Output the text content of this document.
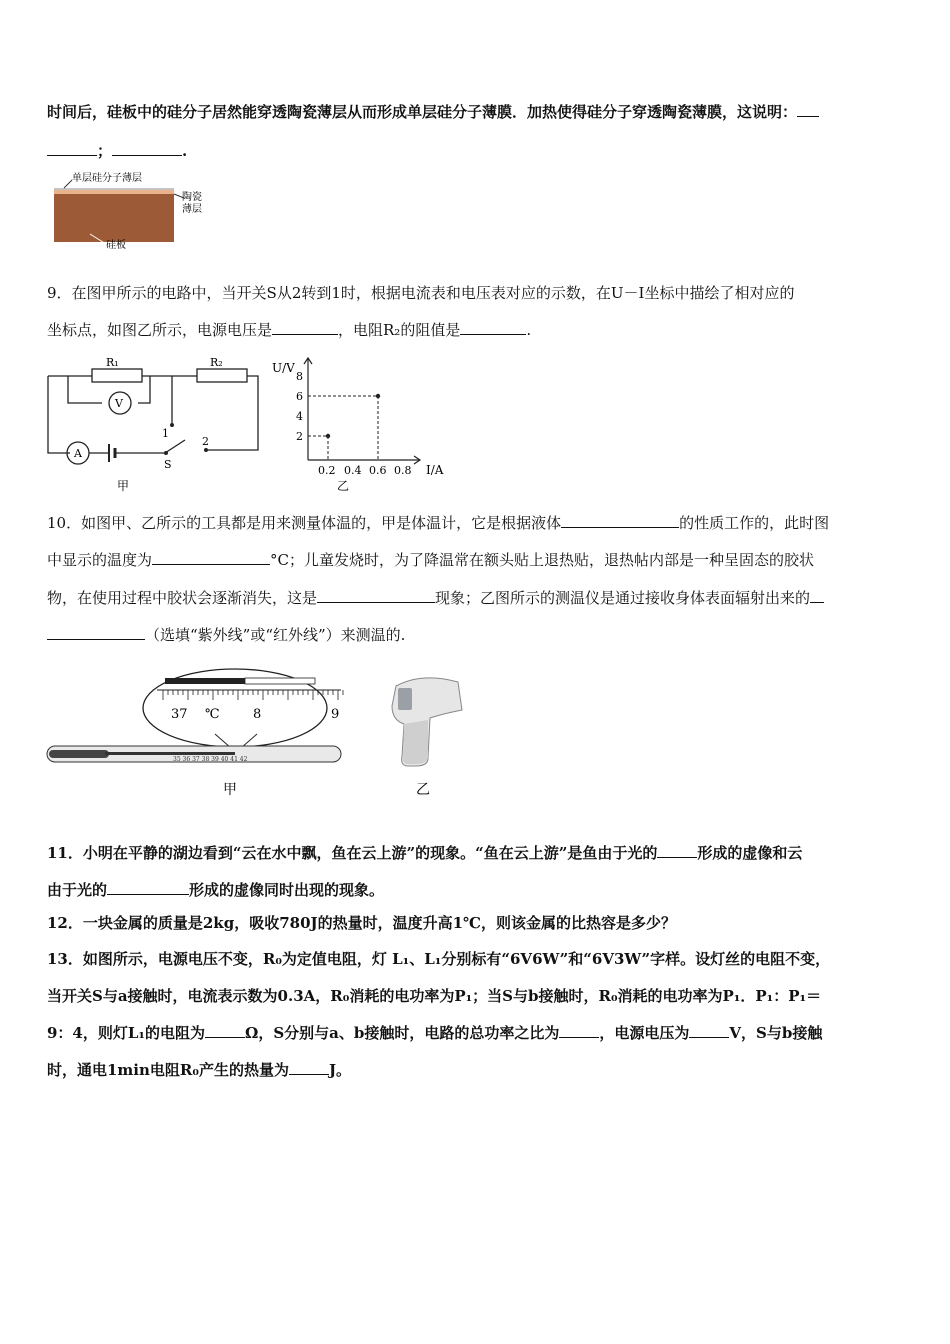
时间后，硅板中的硅分子居然能穿透陶瓷薄层从而形成单层硅分子薄膜．加热使得硅分子穿透陶瓷薄膜，这说明：
；	.
单层硅分子薄层
陶瓷
薄层
硅板
9．在图甲所示的电路中，当开关S从2转到1时，根据电流表和电压表对应的示数，在U－I坐标中描绘了相对应的
坐标点，如图乙所示，电源电压是	，电阻R₂的阻值是	.
R₁	R₂
V
A
1
2
S
甲
U/V
2
4
6
8
0.2 0.4 0.6 0.8 I/A
乙
10．如图甲、乙所示的工具都是用来测量体温的，甲是体温计，它是根据液体	的性质工作的，此时图
中显示的温度为	°C；儿童发烧时，为了降温常在额头贴上退热贴，退热帖内部是一种呈固态的胶状
物，在使用过程中胶状会逐渐消失，这是	现象；乙图所示的测温仪是通过接收身体表面辐射出来的
（选填“紫外线”或“红外线”）来测温的.
37 ℃	8	9
35 36 37 38 39 40 41 42
甲	乙
11．小明在平静的湖边看到“云在水中飘，鱼在云上游”的现象。“鱼在云上游”是鱼由于光的	形成的虚像和云
由于光的	形成的虚像同时出现的现象。
12．一块金属的质量是2kg，吸收780J的热量时，温度升高1℃，则该金属的比热容是多少？
13．如图所示，电源电压不变，R₀为定值电阻，灯 L₁、L₁分别标有“6V6W”和“6V3W”字样。设灯丝的电阻不变，
当开关S与a接触时，电流表示数为0.3A，R₀消耗的电功率为P₁；当S与b接触时，R₀消耗的电功率为P₁．P₁：P₁＝
9：4，则灯L₁的电阻为	Ω，S分别与a、b接触时，电路的总功率之比为	，电源电压为	V，S与b接触
时，通电1min电阻R₀产生的热量为	J。
